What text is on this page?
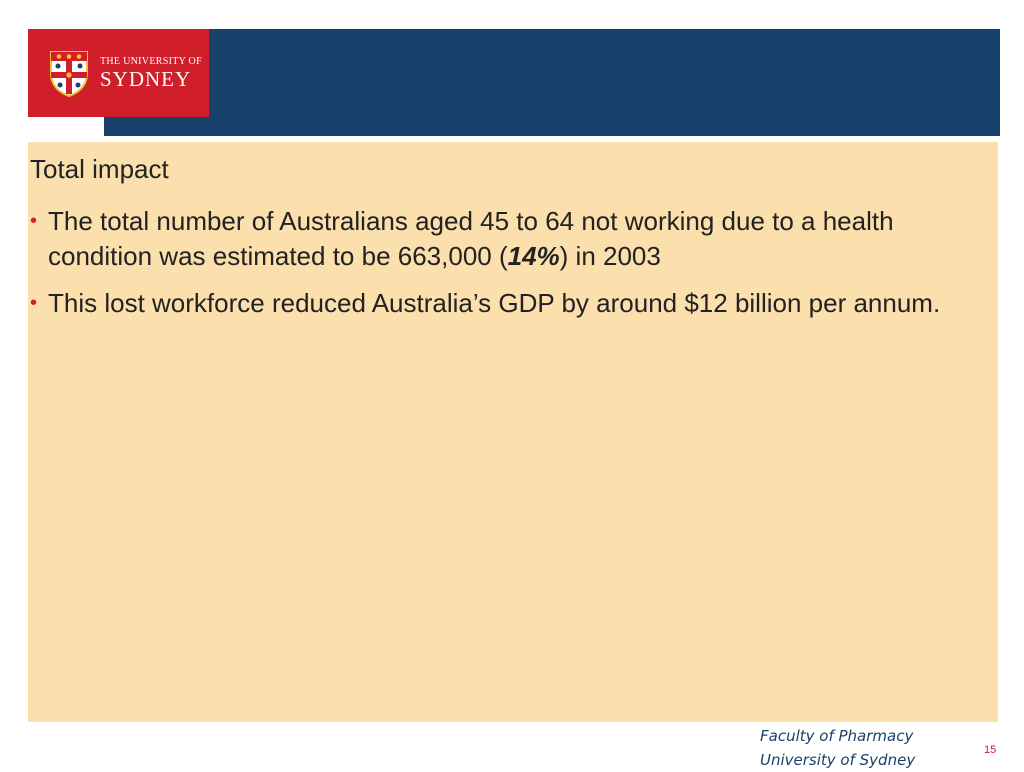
THE UNIVERSITY OF
SYDNEY
Total impact
• The total number of Australians aged 45 to 64 not working due to a health condition was estimated to be 663,000 (14%) in 2003
• This lost workforce reduced Australia’s GDP by around $12 billion per annum.
Faculty of Pharmacy
University of Sydney
15
